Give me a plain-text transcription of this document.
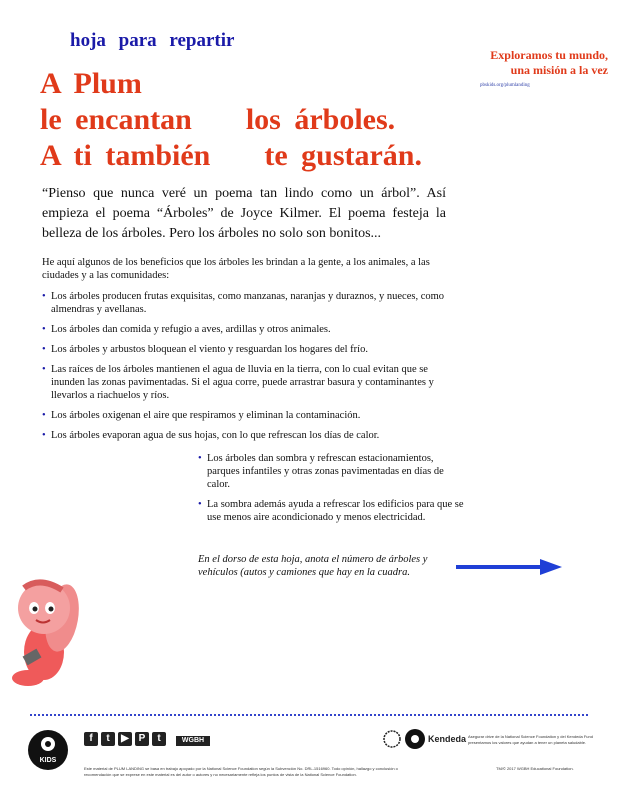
hoja para repartir
A Plum
le encantan    los árboles.
A ti también    te gustarán.
Exploramos tu mundo,
una misión a la vez
pbskids.org/plumlanding
“Pienso que nunca veré un poema tan lindo como un árbol”. Así empieza el poema “Árboles” de Joyce Kilmer. El poema festeja la belleza de los árboles. Pero los árboles no solo son bonitos...
He aquí algunos de los beneficios que los árboles les brindan a la gente, a los animales, a las ciudades y a las comunidades:
• Los árboles producen frutas exquisitas, como manzanas, naranjas y duraznos, y nueces, como almendras y avellanas.
• Los árboles dan comida y refugio a aves, ardillas y otros animales.
• Los árboles y arbustos bloquean el viento y resguardan los hogares del frío.
• Las raíces de los árboles mantienen el agua de lluvia en la tierra, con lo cual evitan que se inunden las zonas pavimentadas. Si el agua corre, puede arrastrar basura y contaminantes y llevarlos a riachuelos y ríos.
• Los árboles oxigenan el aire que respiramos y eliminan la contaminación.
• Los árboles evaporan agua de sus hojas, con lo que refrescan los días de calor.
• Los árboles dan sombra y refrescan estacionamientos, parques infantiles y otras zonas pavimentadas en días de calor.
• La sombra además ayuda a refrescar los edificios para que se use menos aire acondicionado y menos electricidad.
En el dorso de esta hoja, anota el número de árboles y vehículos (autos y camiones que hay en la cuadra.
KIDS
f	t	▶ P	t	WGBH	Kendeda
Este material de PLUM LANDING se basa en trabajo apoyado por la National Science Foundation según la Subvención No. DRL-1516960. Todo opinión, hallazgo y conclusión o recomendación que se exprese en este material es del autor o autores y no necesariamente refleja los puntos de vista de la National Science Foundation.
Asegurar drive de la National Science Foundation y del Kendeda Fund presentamos los valores que ayudan a tener un planeta saludable.
TM/© 2017 WGBH Educational Foundation.
